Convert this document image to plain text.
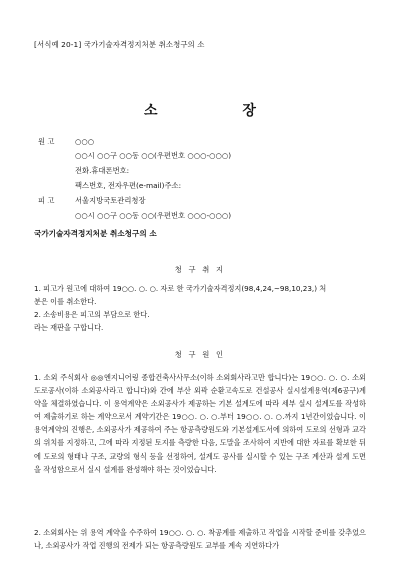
[서식예 20-1] 국가기술자격정지처분 취소청구의 소
소 장
원 고	○○○
○○시 ○○구 ○○동 ○○(우편번호 ○○○-○○○)
전화.휴대폰번호:
팩스번호, 전자우편(e-mail)주소:
피 고	서울지방국토관리청장
○○시 ○○구 ○○동 ○○(우편번호 ○○○-○○○)
국가기술자격정지처분 취소청구의 소
청 구 취 지
1. 피고가 원고에 대하여 19○○. ○. ○. 자로 한 국가기술자격정지(98,4,24,~98,10,23,) 처
분은 이를 취소한다.
2. 소송비용은 피고의 부담으로 한다.
라는 재판을 구합니다.
청 구 원 인
1. 소외 주식회사 ◎◎엔지니어링 종합건축사사무소(이하 소외회사라고만 합니다)는 19○○. ○. ○. 소외 도로공사(이하 소외공사라고 합니다)와 간에 부산 외곽 순환고속도로 건설공사 실시설계용역(제6공구)계약을 체결하였습니다. 이 용역계약은 소외공사가 제공하는 기본 설계도에 따라 세부 실시 설계도를 작성하여 제출하기로 하는 계약으로서 계약기간은 19○○. ○. ○.부터 19○○. ○. ○.까지 1년간이었습니다. 이 용역계약의 진행은, 소외공사가 제공하여 주는 항공측량원도와 기본설계도서에 의하여 도로의 선형과 교각의 위치를 지정하고, 그에 따라 지정된 토지를 측량한 다음, 도말을 조사하여 지반에 대한 자료를 확보한 뒤에 도로의 형태나 구조, 교량의 형식 등을 선정하여, 설계도 공사를 실시할 수 있는 구조 계산과 설계 도면을 작성함으로서 실시 설계를 완성해야 하는 것이었습니다.
2. 소외회사는 위 용역 계약을 수주하여 19○○. ○. ○. 착공계를 제출하고 작업을 시작할 준비를 갖추었으나, 소외공사가 작업 진행의 전제가 되는 항공측량원도 교부를 계속 지연하다가
